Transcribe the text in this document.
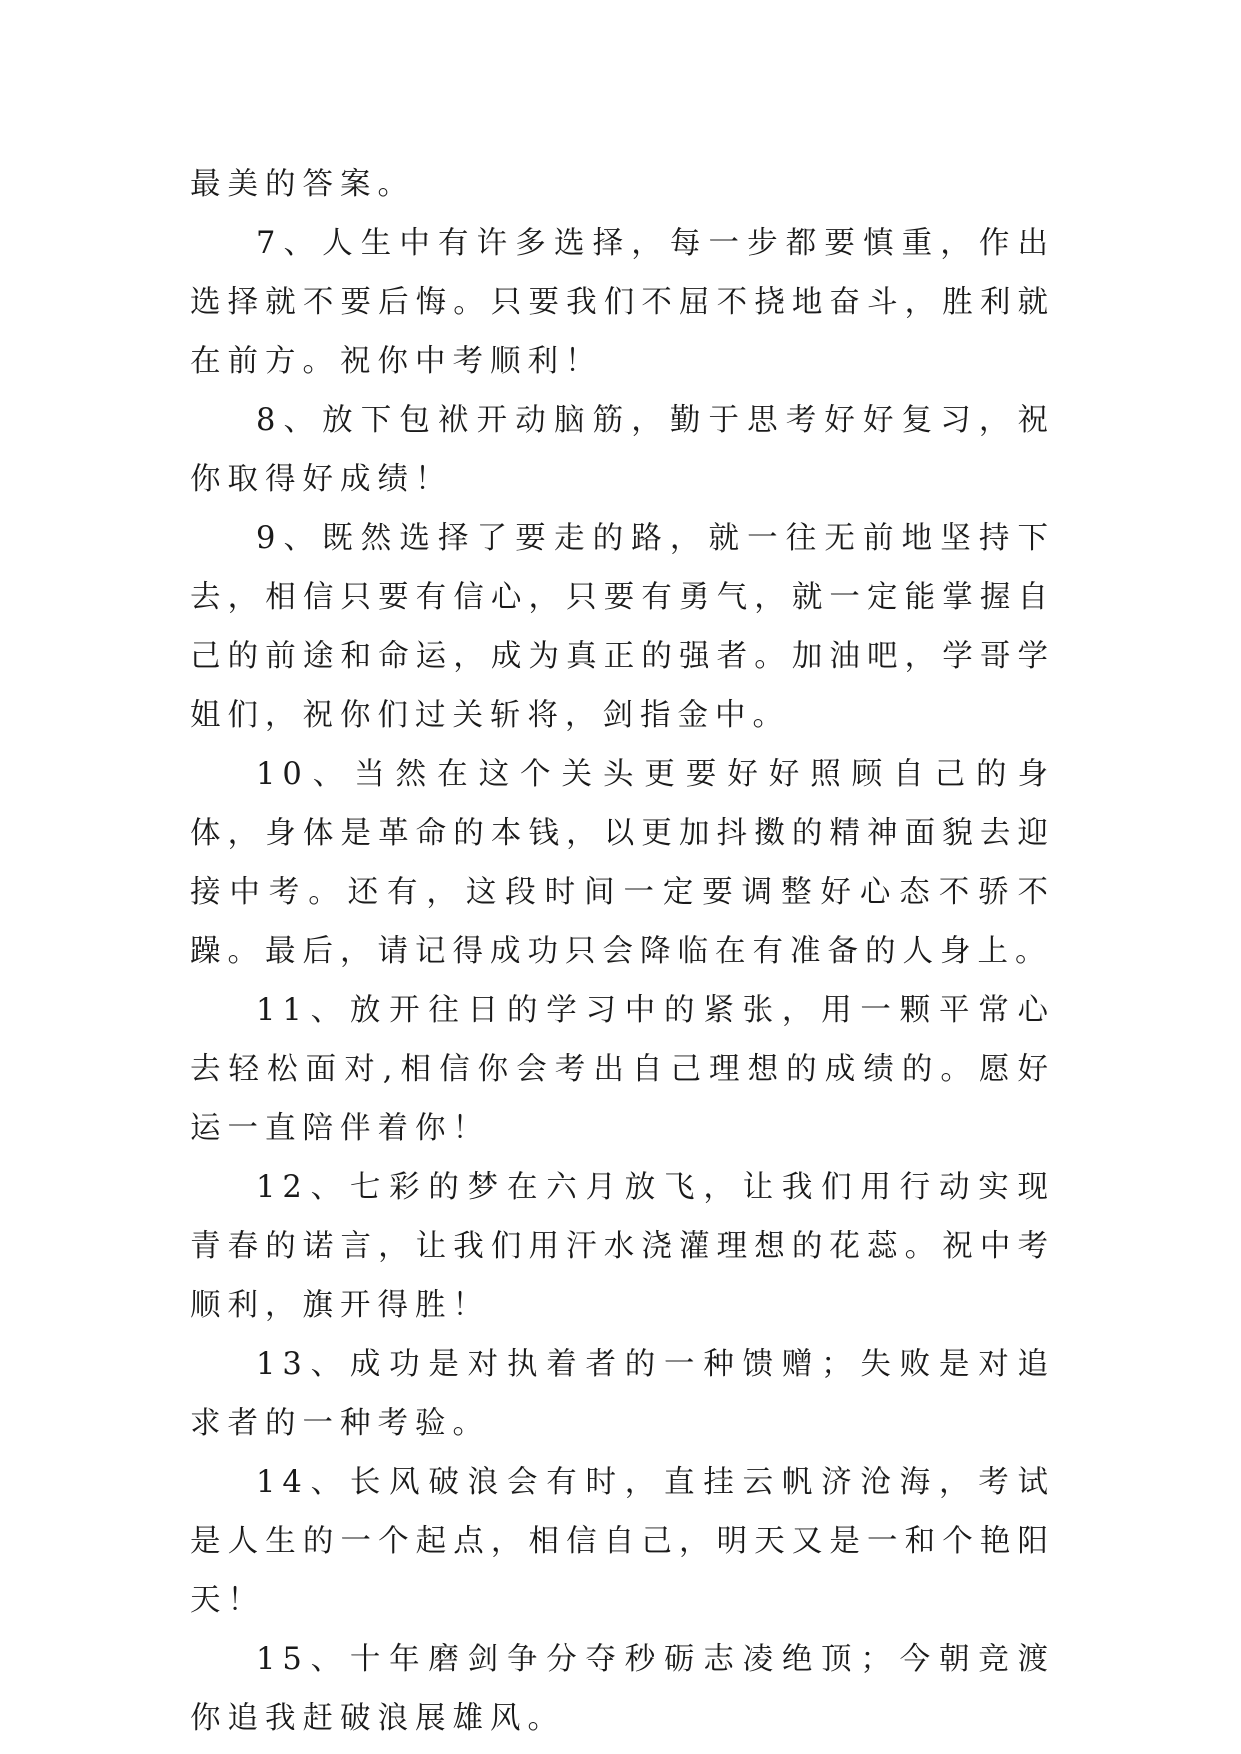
最美的答案。

7、人生中有许多选择，每一步都要慎重，作出选择就不要后悔。只要我们不屈不挠地奋斗，胜利就在前方。祝你中考顺利！

8、放下包袱开动脑筋，勤于思考好好复习，祝你取得好成绩！

9、既然选择了要走的路，就一往无前地坚持下去，相信只要有信心，只要有勇气，就一定能掌握自己的前途和命运，成为真正的强者。加油吧，学哥学姐们，祝你们过关斩将，剑指金中。

10、当然在这个关头更要好好照顾自己的身体，身体是革命的本钱，以更加抖擞的精神面貌去迎接中考。还有，这段时间一定要调整好心态不骄不躁。最后，请记得成功只会降临在有准备的人身上。

11、放开往日的学习中的紧张，用一颗平常心去轻松面对,相信你会考出自己理想的成绩的。愿好运一直陪伴着你！

12、七彩的梦在六月放飞，让我们用行动实现青春的诺言，让我们用汗水浇灌理想的花蕊。祝中考顺利，旗开得胜！

13、成功是对执着者的一种馈赠；失败是对追求者的一种考验。

14、长风破浪会有时，直挂云帆济沧海，考试是人生的一个起点，相信自己，明天又是一和个艳阳天！

15、十年磨剑争分夺秒砺志凌绝顶；今朝竞渡你追我赶破浪展雄风。
